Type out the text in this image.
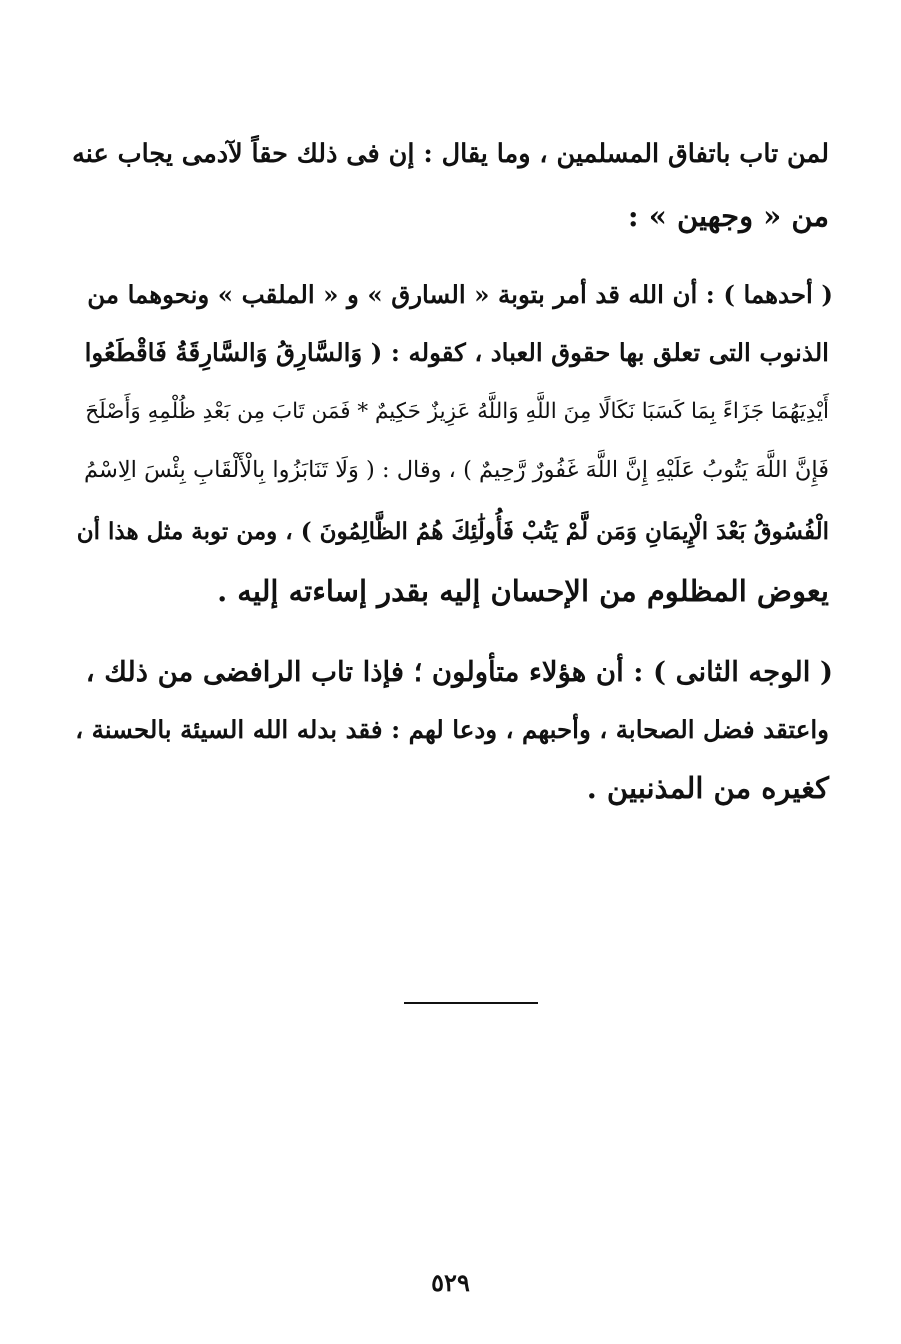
لمن تاب باتفاق المسلمين ، وما يقال : إن فى ذلك حقاً لآدمى يجاب عنه
من « وجهين » :
( أحدهما ) : أن الله قد أمر بتوبة « السارق » و « الملقب » ونحوهما من
الذنوب التى تعلق بها حقوق العباد ، كقوله : ( وَالسَّارِقُ وَالسَّارِقَةُ فَاقْطَعُوا
أَيْدِيَهُمَا جَزَاءً بِمَا كَسَبَا نَكَالًا مِنَ اللَّهِ وَاللَّهُ عَزِيزٌ حَكِيمٌ * فَمَن تَابَ مِن بَعْدِ ظُلْمِهِ وَأَصْلَحَ
فَإِنَّ اللَّهَ يَتُوبُ عَلَيْهِ إِنَّ اللَّهَ غَفُورٌ رَّحِيمٌ ) ، وقال : ( وَلَا تَنَابَزُوا بِالْأَلْقَابِ بِئْسَ الِاسْمُ
الْفُسُوقُ بَعْدَ الْإِيمَانِ وَمَن لَّمْ يَتُبْ فَأُولَٰئِكَ هُمُ الظَّالِمُونَ ) ، ومن توبة مثل هذا أن
يعوض المظلوم من الإحسان إليه بقدر إساءته إليه .
( الوجه الثانى ) : أن هؤلاء متأولون ؛ فإذا تاب الرافضى من ذلك ،
واعتقد فضل الصحابة ، وأحبهم ، ودعا لهم : فقد بدله الله السيئة بالحسنة ،
كغيره من المذنبين .
٥٢٩
